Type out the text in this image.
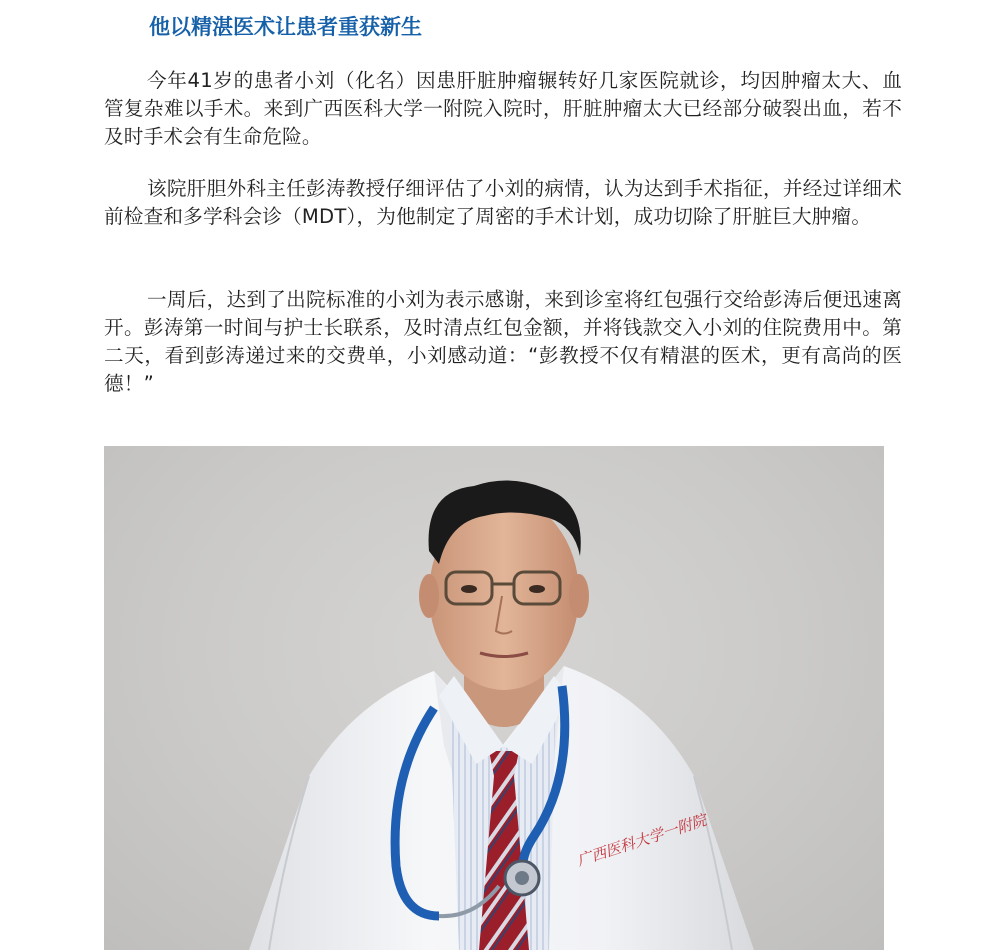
他以精湛医术让患者重获新生

今年41岁的患者小刘（化名）因患肝脏肿瘤辗转好几家医院就诊，均因肿瘤太大、血管复杂难以手术。来到广西医科大学一附院入院时，肝脏肿瘤太大已经部分破裂出血，若不及时手术会有生命危险。

该院肝胆外科主任彭涛教授仔细评估了小刘的病情，认为达到手术指征，并经过详细术前检查和多学科会诊（MDT），为他制定了周密的手术计划，成功切除了肝脏巨大肿瘤。

一周后，达到了出院标准的小刘为表示感谢，来到诊室将红包强行交给彭涛后便迅速离开。彭涛第一时间与护士长联系，及时清点红包金额，并将钱款交入小刘的住院费用中。第二天，看到彭涛递过来的交费单，小刘感动道：“彭教授不仅有精湛的医术，更有高尚的医德！”

广西医科大学一附院
